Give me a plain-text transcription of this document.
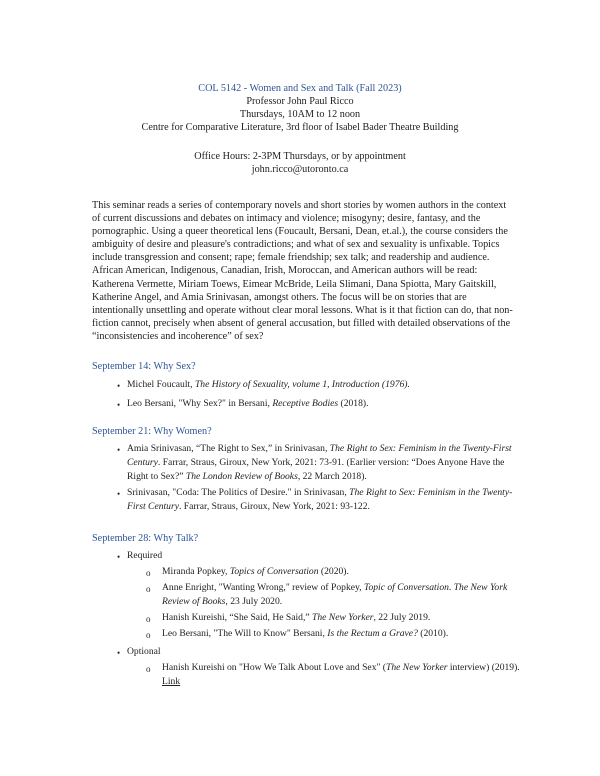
COL 5142 - Women and Sex and Talk (Fall 2023)
Professor John Paul Ricco
Thursdays, 10AM to 12 noon
Centre for Comparative Literature, 3rd floor of Isabel Bader Theatre Building
Office Hours: 2-3PM Thursdays, or by appointment
john.ricco@utoronto.ca
This seminar reads a series of contemporary novels and short stories by women authors in the context of current discussions and debates on intimacy and violence; misogyny; desire, fantasy, and the pornographic. Using a queer theoretical lens (Foucault, Bersani, Dean, et.al.), the course considers the ambiguity of desire and pleasure's contradictions; and what of sex and sexuality is unfixable. Topics include transgression and consent; rape; female friendship; sex talk; and readership and audience. African American, Indigenous, Canadian, Irish, Moroccan, and American authors will be read: Katherena Vermette, Miriam Toews, Eimear McBride, Leila Slimani, Dana Spiotta, Mary Gaitskill, Katherine Angel, and Amia Srinivasan, amongst others. The focus will be on stories that are intentionally unsettling and operate without clear moral lessons. What is it that fiction can do, that non-fiction cannot, precisely when absent of general accusation, but filled with detailed observations of the “inconsistencies and incoherence” of sex?
September 14: Why Sex?
• Michel Foucault, The History of Sexuality, volume 1, Introduction (1976).
• Leo Bersani, "Why Sex?" in Bersani, Receptive Bodies (2018).
September 21: Why Women?
• Amia Srinivasan, “The Right to Sex,” in Srinivasan, The Right to Sex: Feminism in the Twenty-First Century. Farrar, Straus, Giroux, New York, 2021: 73-91. (Earlier version: “Does Anyone Have the Right to Sex?” The London Review of Books, 22 March 2018).
• Srinivasan, "Coda: The Politics of Desire." in Srinivasan, The Right to Sex: Feminism in the Twenty-First Century. Farrar, Straus, Giroux, New York, 2021: 93-122.
September 28: Why Talk?
• Required
o Miranda Popkey, Topics of Conversation (2020).
o Anne Enright, "Wanting Wrong," review of Popkey, Topic of Conversation. The New York Review of Books, 23 July 2020.
o Hanish Kureishi, “She Said, He Said,” The New Yorker, 22 July 2019.
o Leo Bersani, "The Will to Know" Bersani, Is the Rectum a Grave? (2010).
• Optional
o Hanish Kureishi on "How We Talk About Love and Sex" (The New Yorker interview) (2019). Link
